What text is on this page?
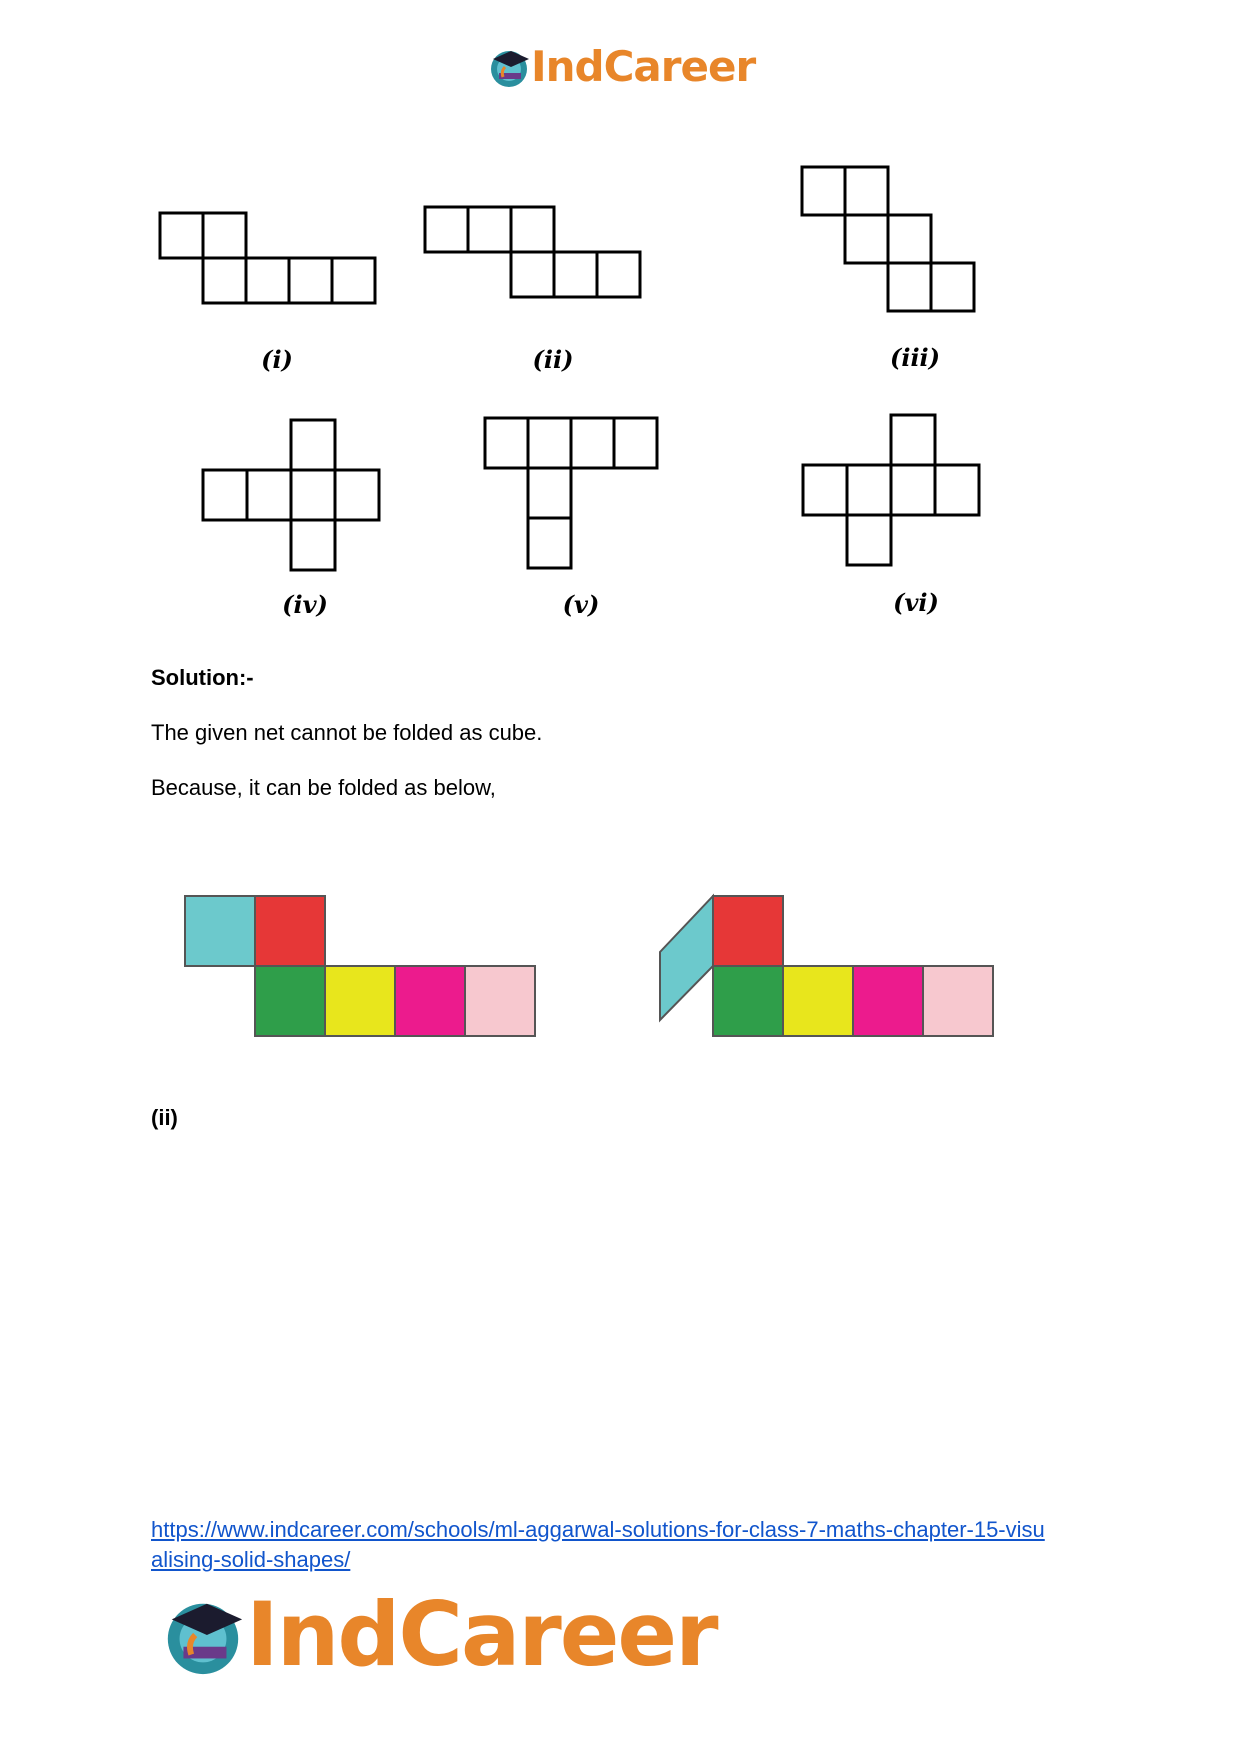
IndCareer
(i)	(ii)	(iii)
(iv)	(v)	(vi)
Solution:-
The given net cannot be folded as cube.
Because, it can be folded as below,
(ii)
https://www.indcareer.com/schools/ml-aggarwal-solutions-for-class-7-maths-chapter-15-visu
alising-solid-shapes/
IndCareer
